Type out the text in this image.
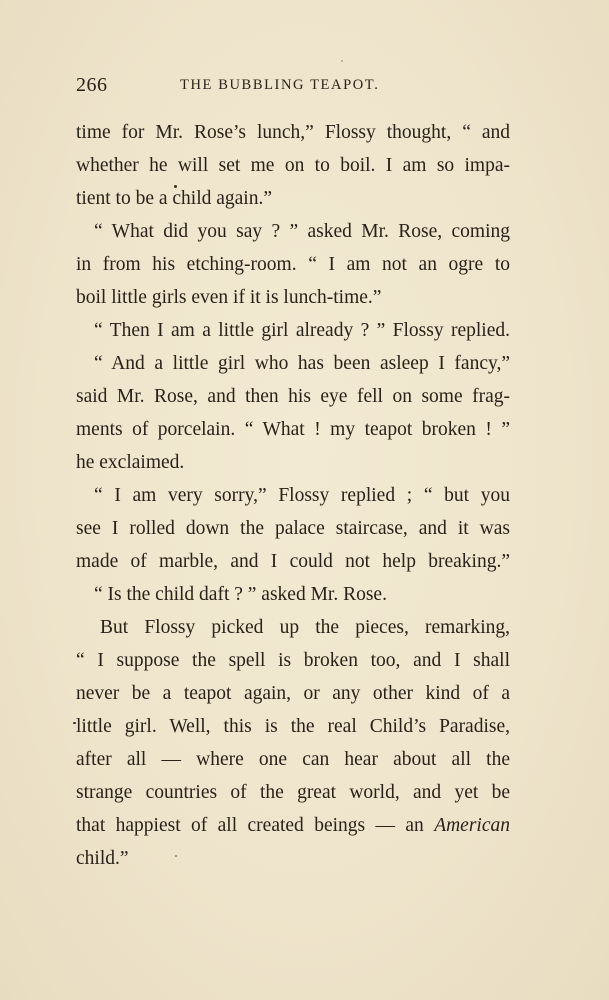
266	THE BUBBLING TEAPOT.
time for Mr. Rose’s lunch,” Flossy thought, “ and
whether he will set me on to boil. I am so impa-
tient to be a child again.”
“ What did you say ? ” asked Mr. Rose, coming
in from his etching-room. “ I am not an ogre to
boil little girls even if it is lunch-time.”
“ Then I am a little girl already ? ” Flossy replied.
“ And a little girl who has been asleep I fancy,”
said Mr. Rose, and then his eye fell on some frag-
ments of porcelain. “ What ! my teapot broken ! ”
he exclaimed.
“ I am very sorry,” Flossy replied ; “ but you
see I rolled down the palace staircase, and it was
made of marble, and I could not help breaking.”
“ Is the child daft ? ” asked Mr. Rose.
But Flossy picked up the pieces, remarking,
“ I suppose the spell is broken too, and I shall
never be a teapot again, or any other kind of a
little girl. Well, this is the real Child’s Paradise,
after all — where one can hear about all the
strange countries of the great world, and yet be
that happiest of all created beings — an American
child.”
